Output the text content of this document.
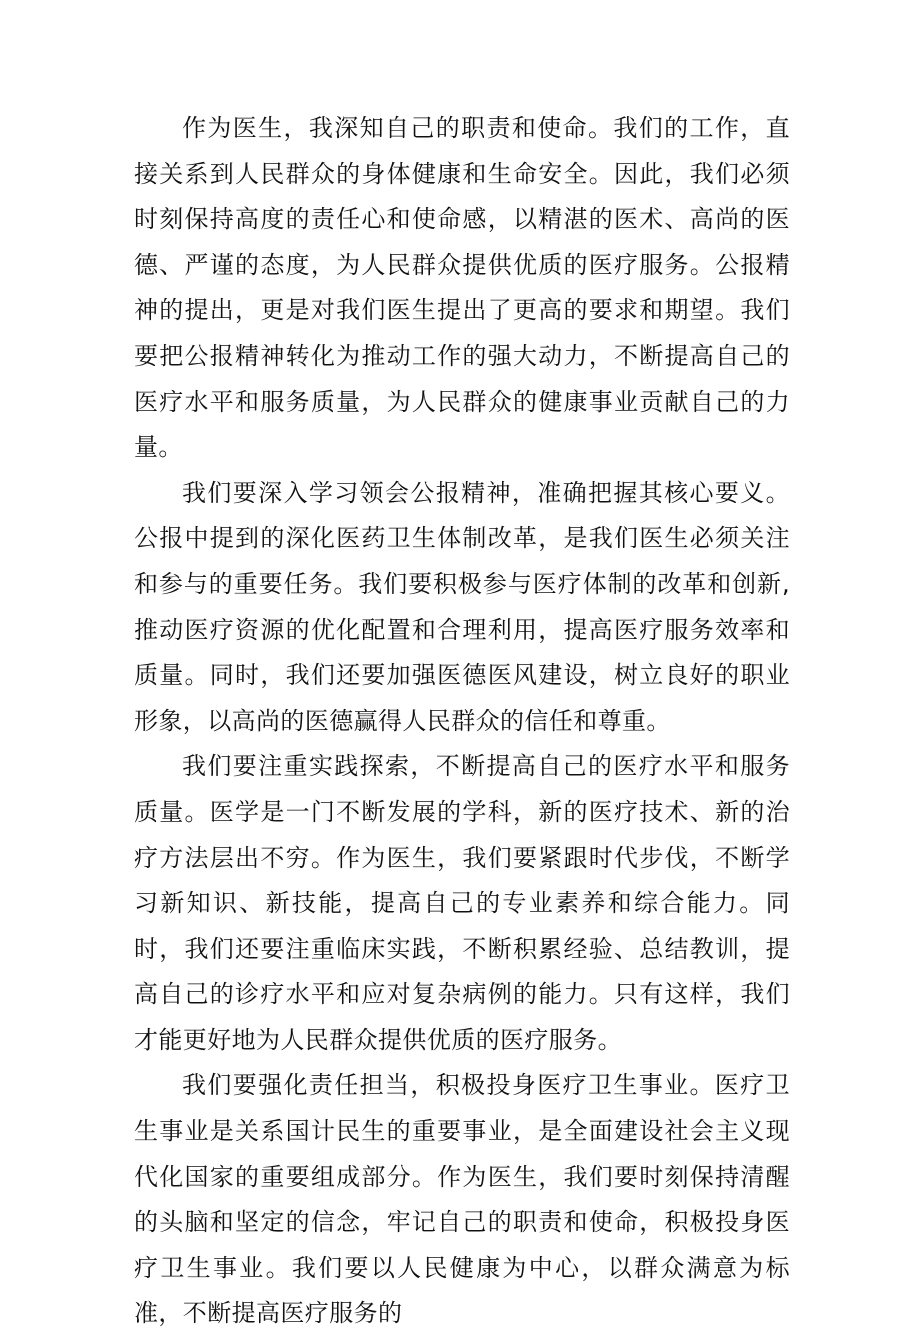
作为医生，我深知自己的职责和使命。我们的工作，直接关系到人民群众的身体健康和生命安全。因此，我们必须时刻保持高度的责任心和使命感，以精湛的医术、高尚的医德、严谨的态度，为人民群众提供优质的医疗服务。公报精神的提出，更是对我们医生提出了更高的要求和期望。我们要把公报精神转化为推动工作的强大动力，不断提高自己的医疗水平和服务质量，为人民群众的健康事业贡献自己的力量。

我们要深入学习领会公报精神，准确把握其核心要义。公报中提到的深化医药卫生体制改革，是我们医生必须关注和参与的重要任务。我们要积极参与医疗体制的改革和创新,推动医疗资源的优化配置和合理利用，提高医疗服务效率和质量。同时，我们还要加强医德医风建设，树立良好的职业形象，以高尚的医德赢得人民群众的信任和尊重。

我们要注重实践探索，不断提高自己的医疗水平和服务质量。医学是一门不断发展的学科，新的医疗技术、新的治疗方法层出不穷。作为医生，我们要紧跟时代步伐，不断学习新知识、新技能，提高自己的专业素养和综合能力。同时，我们还要注重临床实践，不断积累经验、总结教训，提高自己的诊疗水平和应对复杂病例的能力。只有这样，我们才能更好地为人民群众提供优质的医疗服务。

我们要强化责任担当，积极投身医疗卫生事业。医疗卫生事业是关系国计民生的重要事业，是全面建设社会主义现代化国家的重要组成部分。作为医生，我们要时刻保持清醒的头脑和坚定的信念，牢记自己的职责和使命，积极投身医疗卫生事业。我们要以人民健康为中心，以群众满意为标准，不断提高医疗服务的
